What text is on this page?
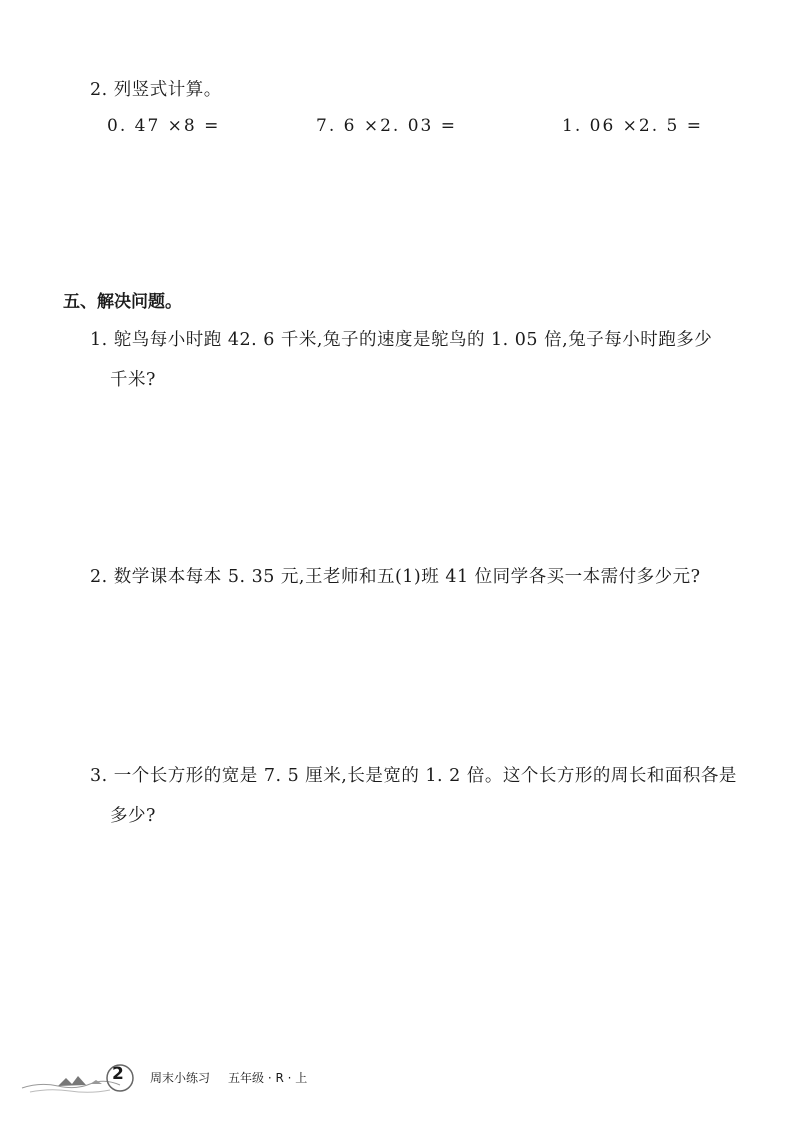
2. 列竖式计算。
0. 47 ×8 =	7. 6 ×2. 03 =	1. 06 ×2. 5 =
五、解决问题。
1. 鸵鸟每小时跑 42. 6 千米,兔子的速度是鸵鸟的 1. 05 倍,兔子每小时跑多少
千米?
2. 数学课本每本 5. 35 元,王老师和五(1)班 41 位同学各买一本需付多少元?
3. 一个长方形的宽是 7. 5 厘米,长是宽的 1. 2 倍。这个长方形的周长和面积各是
多少?
2 周末小练习 五年级 · R · 上
